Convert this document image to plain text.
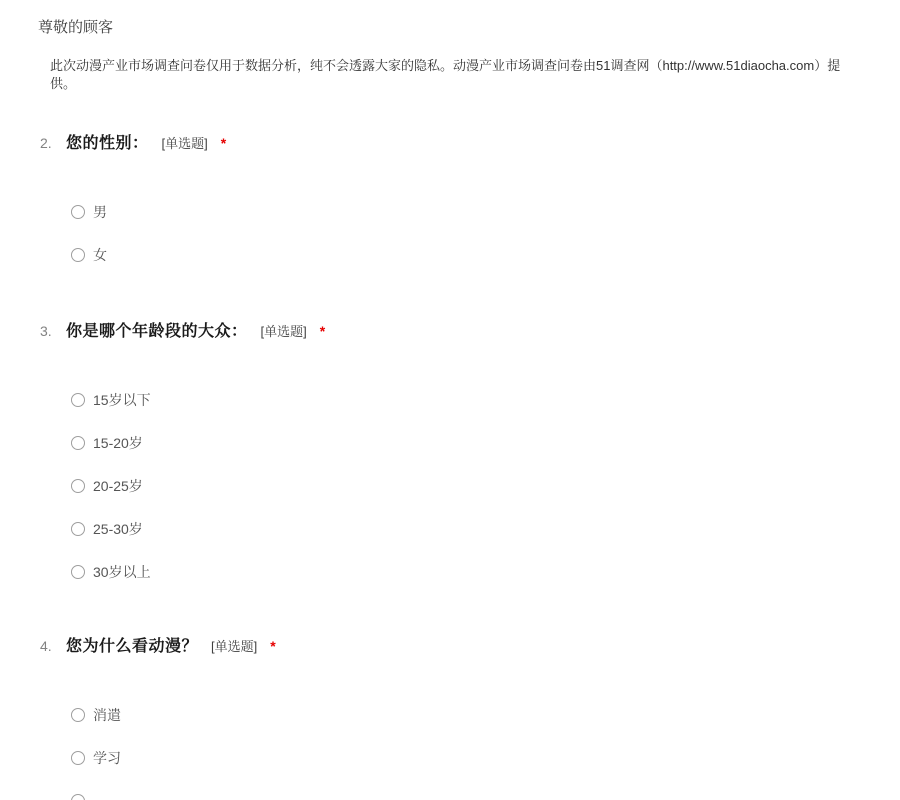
尊敬的顾客
此次动漫产业市场调查问卷仅用于数据分析，纯不会透露大家的隐私。动漫产业市场调查问卷由51调查网（http://www.51diaocha.com）提供。
2. 您的性别： [单选题] *
男
女
3. 你是哪个年龄段的大众： [单选题] *
15岁以下
15-20岁
20-25岁
25-30岁
30岁以上
4. 您为什么看动漫？ [单选题] *
消遣
学习
